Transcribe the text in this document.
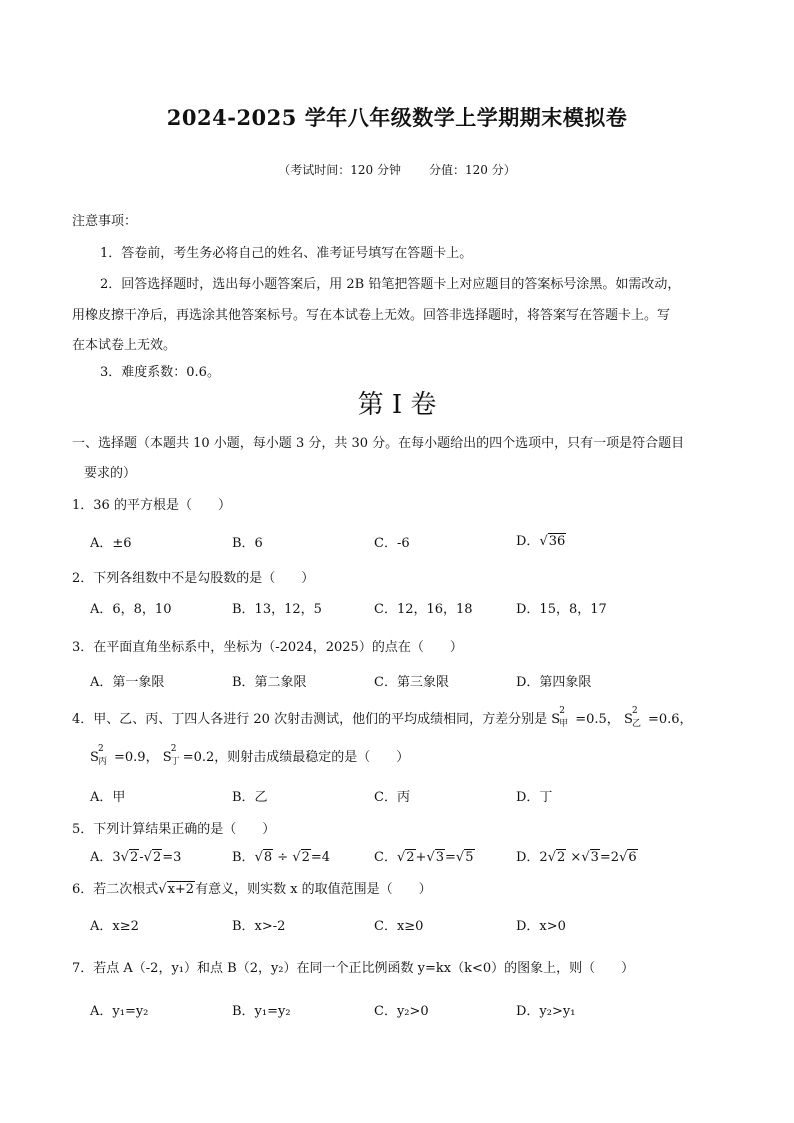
2024-2025 学年八年级数学上学期期末模拟卷
（考试时间：120 分钟 分值：120 分）
注意事项：
1．答卷前，考生务必将自己的姓名、准考证号填写在答题卡上。
2．回答选择题时，选出每小题答案后，用 2B 铅笔把答题卡上对应题目的答案标号涂黑。如需改动，
用橡皮擦干净后，再选涂其他答案标号。写在本试卷上无效。回答非选择题时，将答案写在答题卡上。写
在本试卷上无效。
3．难度系数：0.6。
第 I 卷
一、选择题（本题共 10 小题，每小题 3 分，共 30 分。在每小题给出的四个选项中，只有一项是符合题目
要求的）
1．36 的平方根是（　　）
A．±6	B．6	C．-6	D．√36
2．下列各组数中不是勾股数的是（　　）
A．6，8，10	B．13，12，5	C．12，16，18	D．15，8，17
3．在平面直角坐标系中，坐标为（-2024，2025）的点在（　　）
A．第一象限	B．第二象限	C．第三象限	D．第四象限
4．甲、乙、丙、丁四人各进行 20 次射击测试，他们的平均成绩相同，方差分别是 S
2
甲 =0.5， S
2
乙 =0.6，
S
2
丙 =0.9， S
2
丁 =0.2，则射击成绩最稳定的是（　　）
A．甲	B．乙	C．丙	D．丁
5．下列计算结果正确的是（　　）
A．3√2-√2=3	B．√8 ÷ √2=4	C．√2+√3=√5	D．2√2 ×√3=2√6
6．若二次根式√x+2有意义，则实数 x 的取值范围是（　　）
A．x≥2	B．x>-2	C．x≥0	D．x>0
7．若点 A（-2，y₁）和点 B（2，y₂）在同一个正比例函数 y=kx（k<0）的图象上，则（　　）
A．y₁=y₂	B．y₁=y₂	C．y₂>0	D．y₂>y₁
